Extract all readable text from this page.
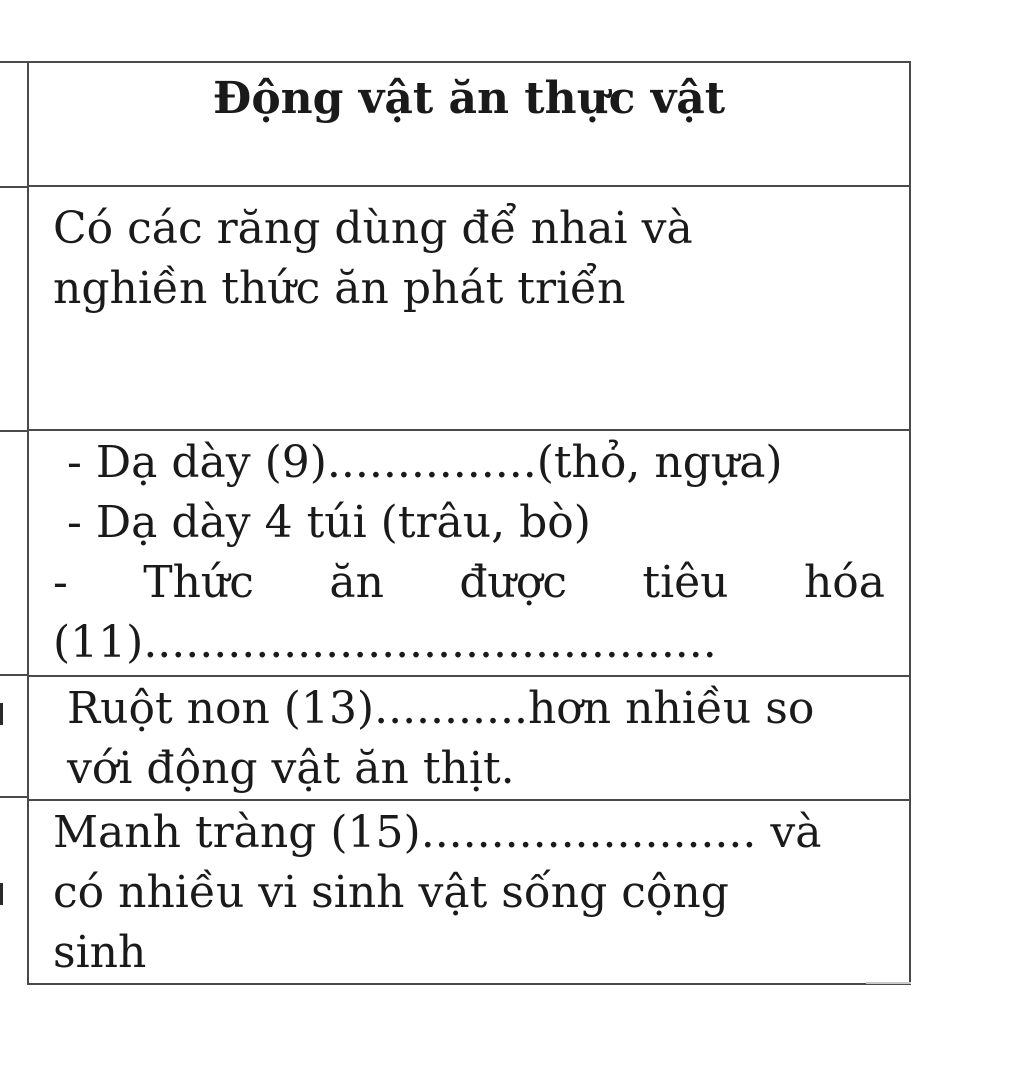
Động vật ăn thực vật

Có các răng dùng để nhai và
nghiền thức ăn phát triển

- Dạ dày (9)...............(thỏ, ngựa)
- Dạ dày 4 túi (trâu, bò)
- Thức ăn được tiêu hóa
(11).........................................

Ruột non (13)...........hơn nhiều so
với động vật ăn thịt.

Manh tràng (15)........................ và
có nhiều vi sinh vật sống cộng
sinh
